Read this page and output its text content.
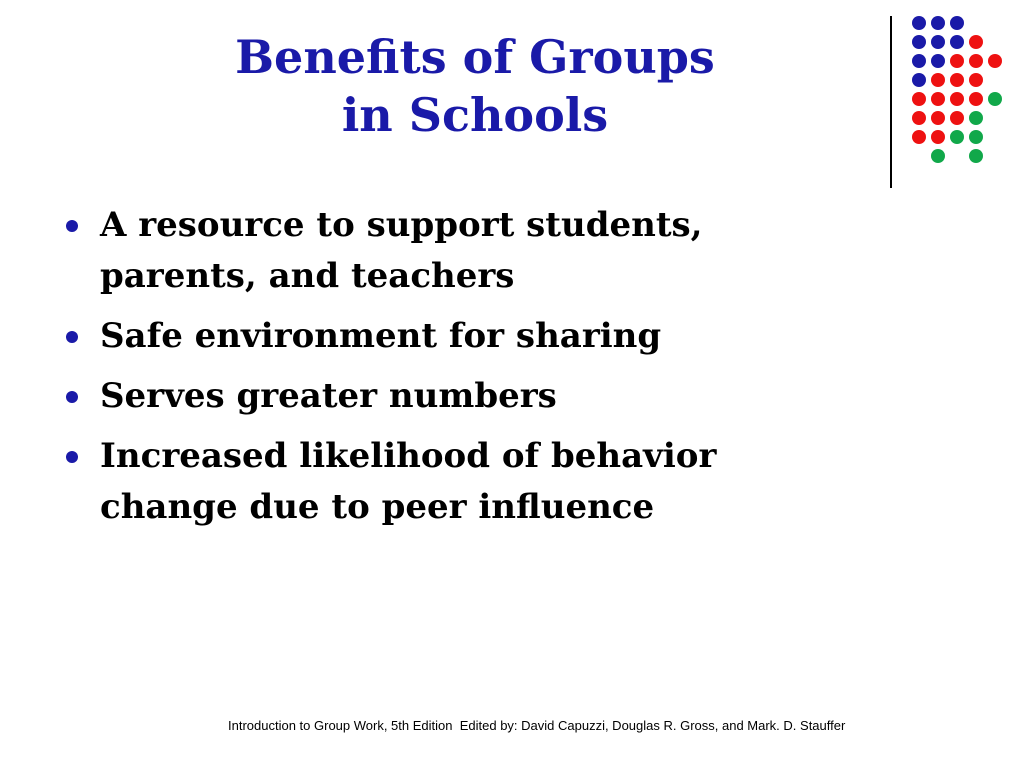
Benefits of Groups
in Schools
A resource to support students, parents, and teachers
Safe environment for sharing
Serves greater numbers
Increased likelihood of behavior change due to peer influence
Introduction to Group Work, 5th Edition  Edited by: David Capuzzi, Douglas R. Gross, and Mark. D. Stauffer
